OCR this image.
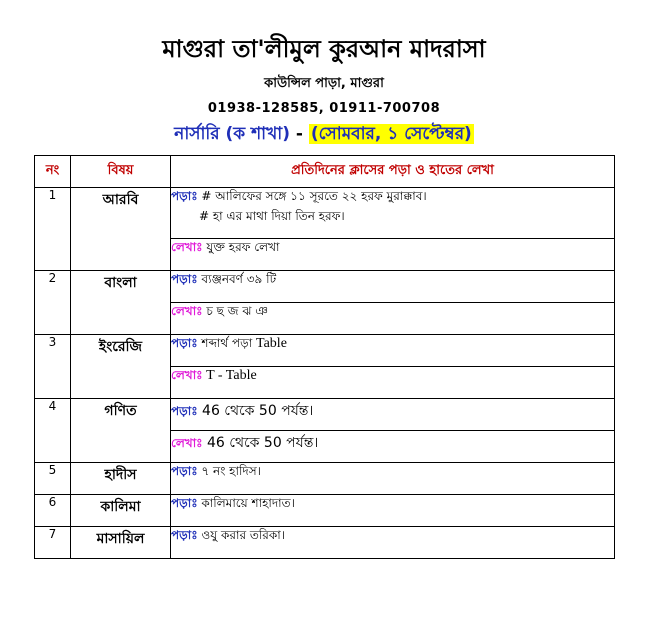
মাগুরা তা'লীমুল কুরআন মাদরাসা
কাউন্সিল পাড়া, মাগুরা
01938-128585, 01911-700708
নার্সারি (ক শাখা) - (সোমবার, ১ সেপ্টেম্বর)
নং	বিষয়	প্রতিদিনের ক্লাসের পড়া ও হাতের লেখা
1	আরবি	পড়াঃ # আলিফের সঙ্গে ১১ সূরতে ২২ হরফ মুরাক্কাব।
# হা এর মাথা দিয়া তিন হরফ।

		লেখাঃ যুক্ত হরফ লেখা
2	বাংলা	পড়াঃ ব্যঞ্জনবর্ণ ৩৯ টি
		লেখাঃ চ ছ জ ঝ ঞ
3	ইংরেজি	পড়াঃ শব্দার্থ পড়া Table
		লেখাঃ T - Table
4	গণিত	পড়াঃ 46 থেকে 50 পর্যন্ত।
		লেখাঃ 46 থেকে 50 পর্যন্ত।
5	হাদীস	পড়াঃ ৭ নং হাদিস।
6	কালিমা	পড়াঃ কালিমায়ে শাহাদাত।
7	মাসায়িল	পড়াঃ ওযু করার তরিকা।
